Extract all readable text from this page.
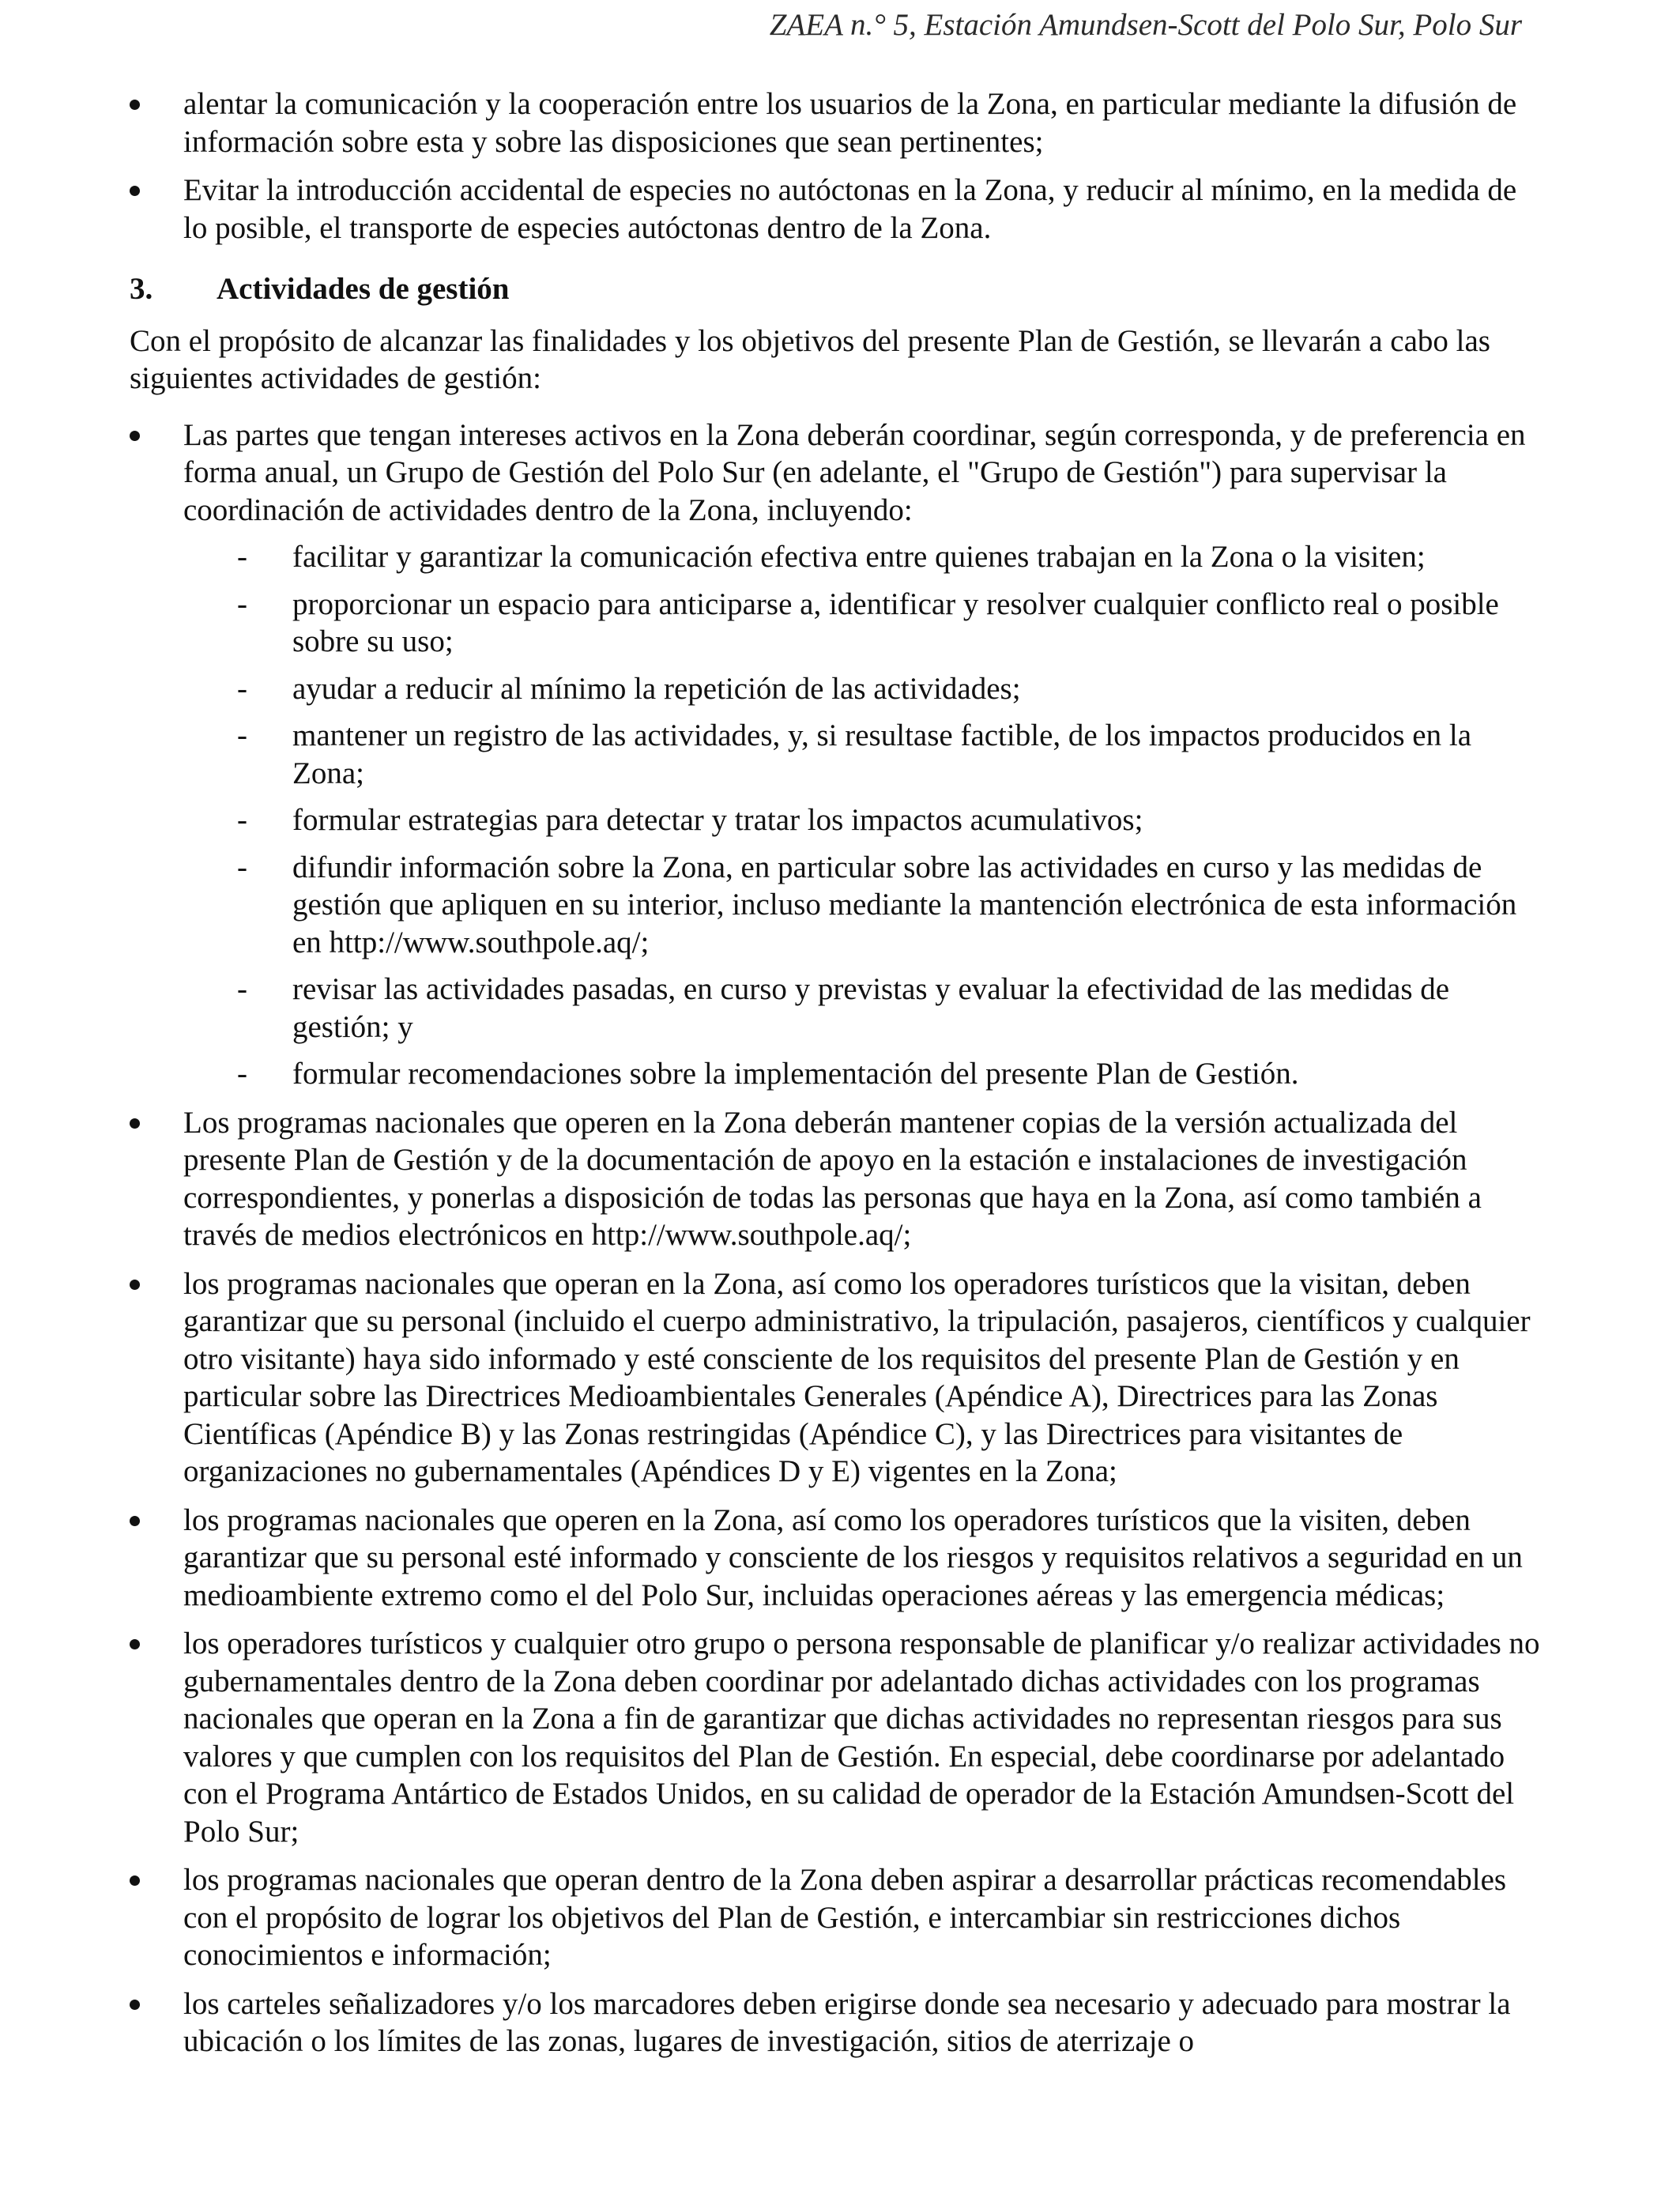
ZAEA n.° 5, Estación Amundsen-Scott del Polo Sur, Polo Sur
alentar la comunicación y la cooperación entre los usuarios de la Zona, en particular mediante la difusión de información sobre esta y sobre las disposiciones que sean pertinentes;
Evitar la introducción accidental de especies no autóctonas en la Zona, y reducir al mínimo, en la medida de lo posible, el transporte de especies autóctonas dentro de la Zona.
3. Actividades de gestión

Con el propósito de alcanzar las finalidades y los objetivos del presente Plan de Gestión, se llevarán a cabo las siguientes actividades de gestión:

Las partes que tengan intereses activos en la Zona deberán coordinar, según corresponda, y de preferencia en forma anual, un Grupo de Gestión del Polo Sur (en adelante, el "Grupo de Gestión") para supervisar la coordinación de actividades dentro de la Zona, incluyendo:
- facilitar y garantizar la comunicación efectiva entre quienes trabajan en la Zona o la visiten;
- proporcionar un espacio para anticiparse a, identificar y resolver cualquier conflicto real o posible sobre su uso;
- ayudar a reducir al mínimo la repetición de las actividades;
- mantener un registro de las actividades, y, si resultase factible, de los impactos producidos en la Zona;
- formular estrategias para detectar y tratar los impactos acumulativos;
- difundir información sobre la Zona, en particular sobre las actividades en curso y las medidas de gestión que apliquen en su interior, incluso mediante la mantención electrónica de esta información en http://www.southpole.aq/;
- revisar las actividades pasadas, en curso y previstas y evaluar la efectividad de las medidas de gestión; y
- formular recomendaciones sobre la implementación del presente Plan de Gestión.
Los programas nacionales que operen en la Zona deberán mantener copias de la versión actualizada del presente Plan de Gestión y de la documentación de apoyo en la estación e instalaciones de investigación correspondientes, y ponerlas a disposición de todas las personas que haya en la Zona, así como también a través de medios electrónicos en http://www.southpole.aq/;
los programas nacionales que operan en la Zona, así como los operadores turísticos que la visitan, deben garantizar que su personal (incluido el cuerpo administrativo, la tripulación, pasajeros, científicos y cualquier otro visitante) haya sido informado y esté consciente de los requisitos del presente Plan de Gestión y en particular sobre las Directrices Medioambientales Generales (Apéndice A), Directrices para las Zonas Científicas (Apéndice B) y las Zonas restringidas (Apéndice C), y las Directrices para visitantes de organizaciones no gubernamentales (Apéndices D y E) vigentes en la Zona;
los programas nacionales que operen en la Zona, así como los operadores turísticos que la visiten, deben garantizar que su personal esté informado y consciente de los riesgos y requisitos relativos a seguridad en un medioambiente extremo como el del Polo Sur, incluidas operaciones aéreas y las emergencia médicas;
los operadores turísticos y cualquier otro grupo o persona responsable de planificar y/o realizar actividades no gubernamentales dentro de la Zona deben coordinar por adelantado dichas actividades con los programas nacionales que operan en la Zona a fin de garantizar que dichas actividades no representan riesgos para sus valores y que cumplen con los requisitos del Plan de Gestión. En especial, debe coordinarse por adelantado con el Programa Antártico de Estados Unidos, en su calidad de operador de la Estación Amundsen-Scott del Polo Sur;
los programas nacionales que operan dentro de la Zona deben aspirar a desarrollar prácticas recomendables con el propósito de lograr los objetivos del Plan de Gestión, e intercambiar sin restricciones dichos conocimientos e información;
los carteles señalizadores y/o los marcadores deben erigirse donde sea necesario y adecuado para mostrar la ubicación o los límites de las zonas, lugares de investigación, sitios de aterrizaje o
